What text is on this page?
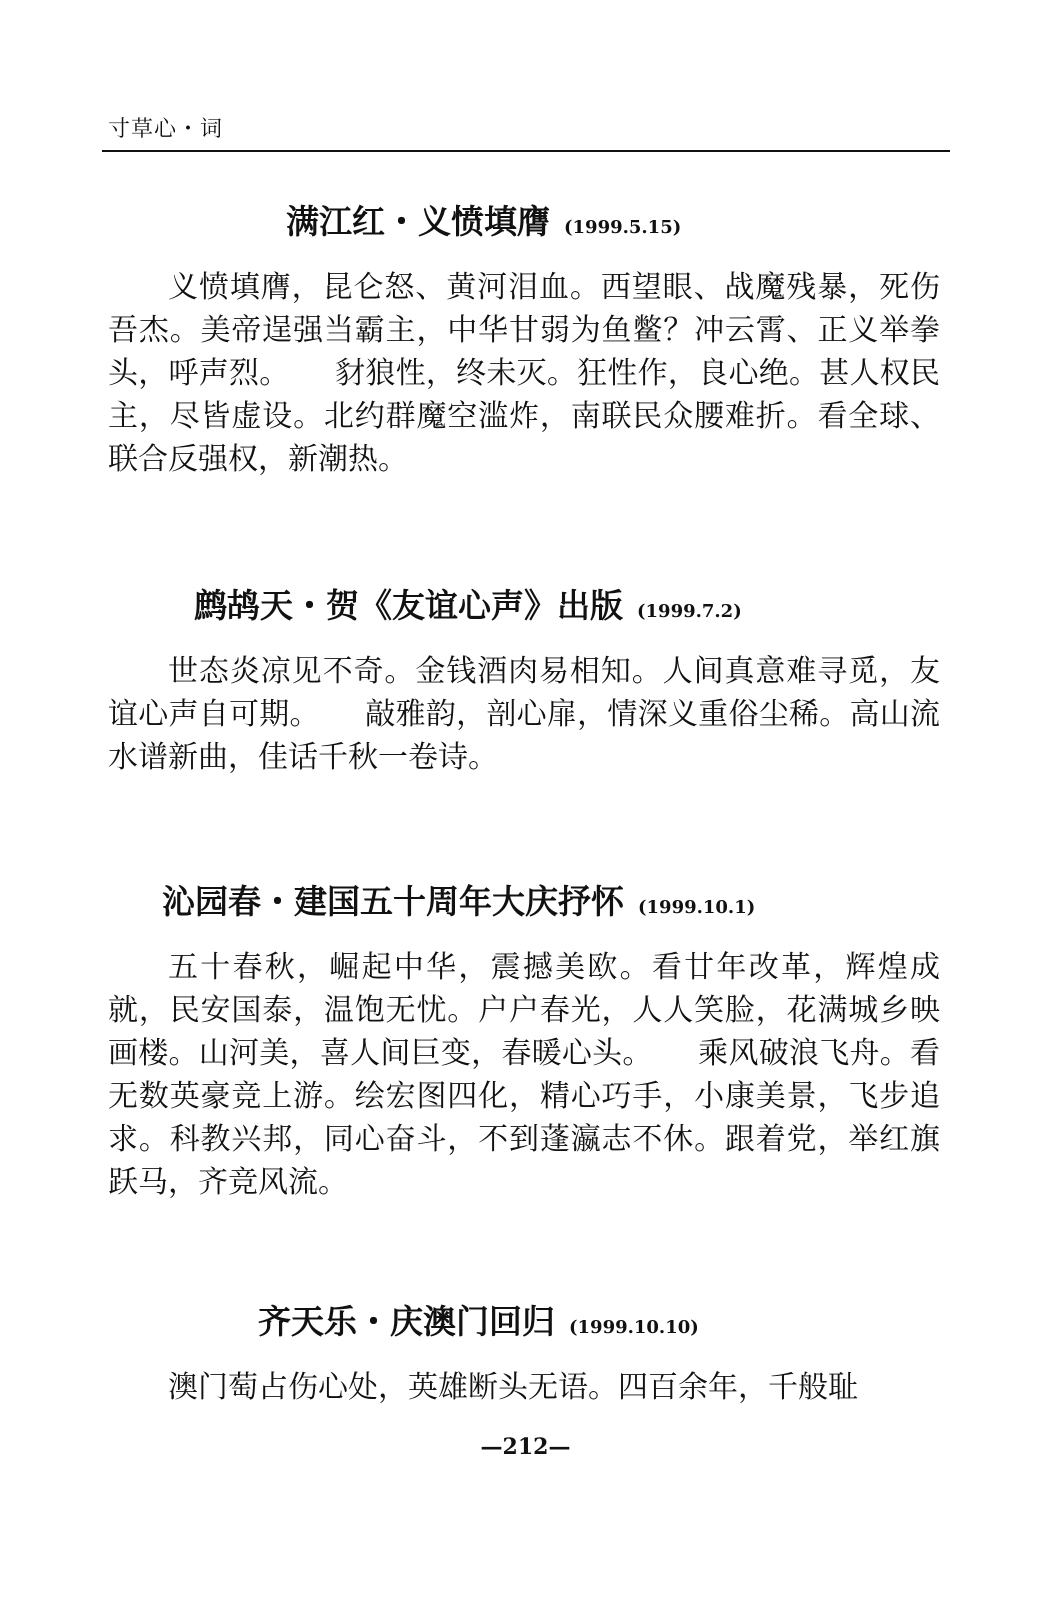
寸草心・词
满江红・义愤填膺 (1999.5.15)

义愤填膺，昆仑怒、黄河泪血。西望眼、战魔残暴，死伤吾杰。美帝逞强当霸主，中华甘弱为鱼鳖？冲云霄、正义举拳头，呼声烈。　　豺狼性，终未灭。狂性作，良心绝。甚人权民主，尽皆虚设。北约群魔空滥炸，南联民众腰难折。看全球、联合反强权，新潮热。

鹧鸪天・贺《友谊心声》出版 (1999.7.2)

世态炎凉见不奇。金钱酒肉易相知。人间真意难寻觅，友谊心声自可期。　　敲雅韵，剖心扉，情深义重俗尘稀。高山流水谱新曲，佳话千秋一卷诗。

沁园春・建国五十周年大庆抒怀 (1999.10.1)

五十春秋，崛起中华，震撼美欧。看廿年改革，辉煌成就，民安国泰，温饱无忧。户户春光，人人笑脸，花满城乡映画楼。山河美，喜人间巨变，春暖心头。　　乘风破浪飞舟。看无数英豪竞上游。绘宏图四化，精心巧手，小康美景，飞步追求。科教兴邦，同心奋斗，不到蓬瀛志不休。跟着党，举红旗跃马，齐竞风流。

齐天乐・庆澳门回归 (1999.10.10)

澳门萄占伤心处，英雄断头无语。四百余年，千般耻

—212—
